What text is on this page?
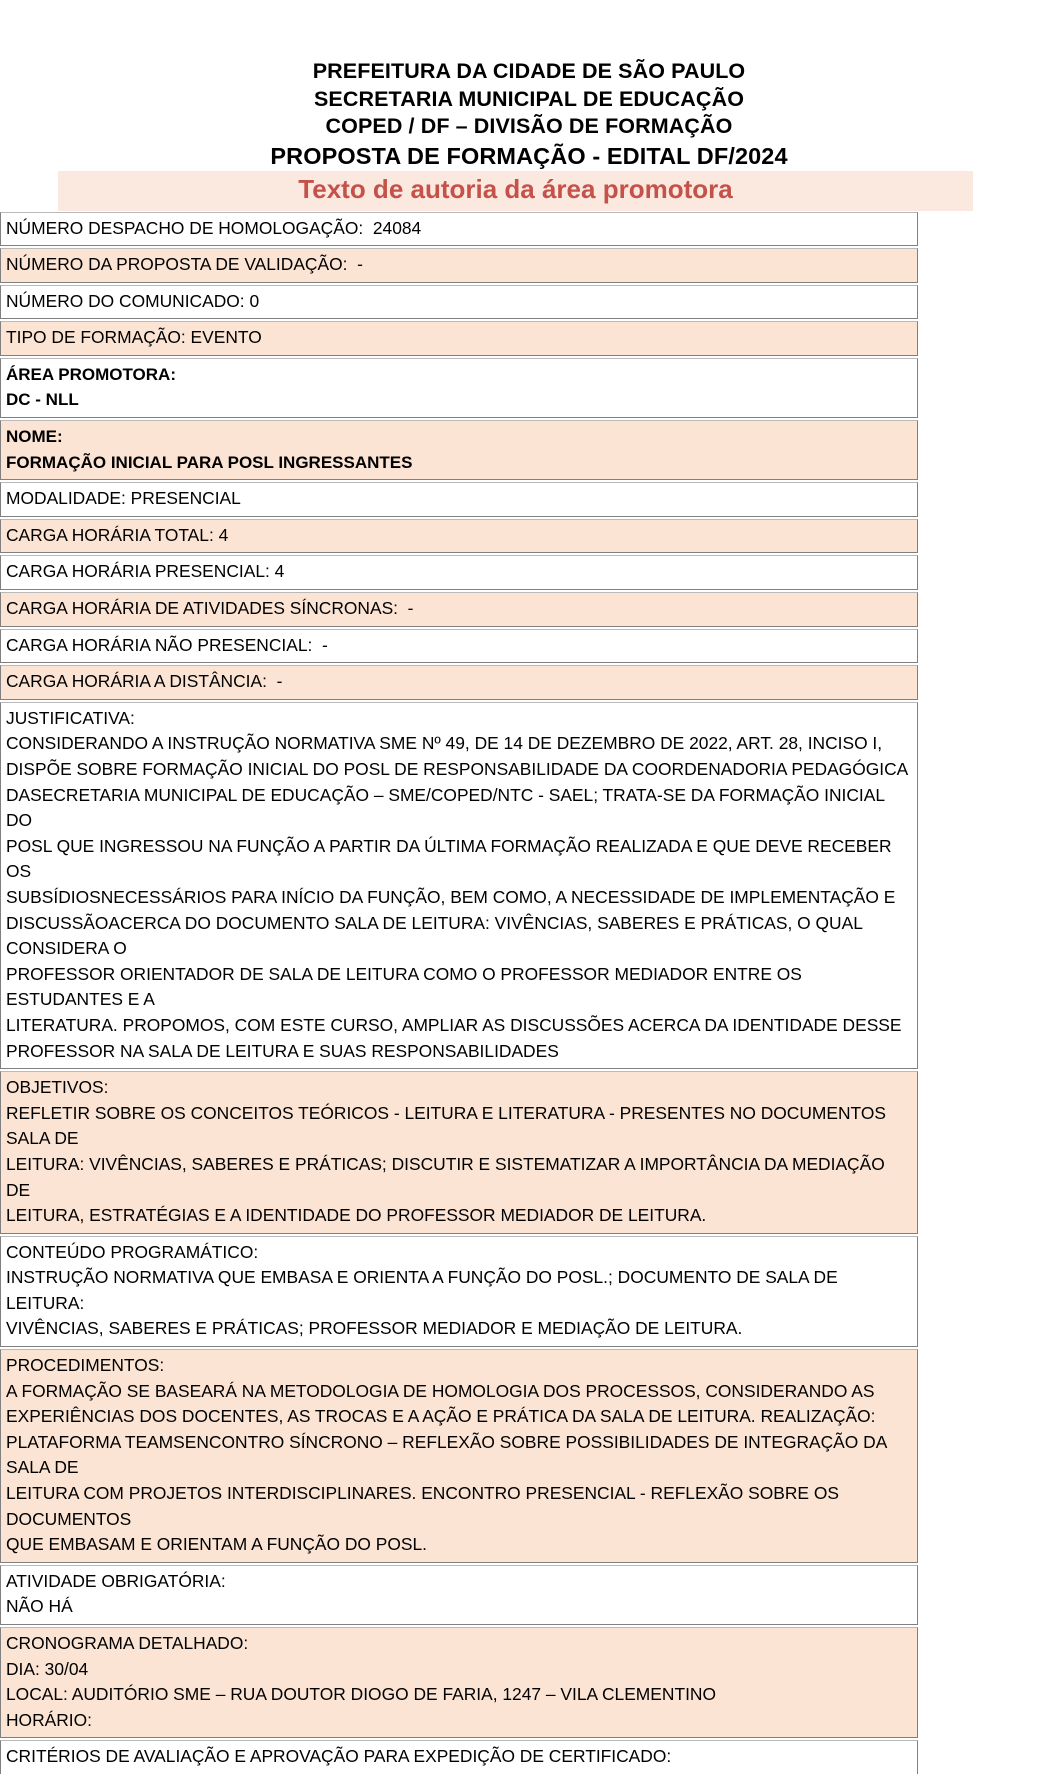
PREFEITURA DA CIDADE DE SÃO PAULO
SECRETARIA MUNICIPAL DE EDUCAÇÃO
COPED / DF – DIVISÃO DE FORMAÇÃO
PROPOSTA DE FORMAÇÃO - EDITAL DF/2024
Texto de autoria da área promotora
NÚMERO DESPACHO DE HOMOLOGAÇÃO:  24084
NÚMERO DA PROPOSTA DE VALIDAÇÃO:  -
NÚMERO DO COMUNICADO: 0
TIPO DE FORMAÇÃO: EVENTO
ÁREA PROMOTORA:
DC - NLL
NOME:
FORMAÇÃO INICIAL PARA POSL INGRESSANTES
MODALIDADE: PRESENCIAL
CARGA HORÁRIA TOTAL: 4
CARGA HORÁRIA PRESENCIAL: 4
CARGA HORÁRIA DE ATIVIDADES SÍNCRONAS:  -
CARGA HORÁRIA NÃO PRESENCIAL:  -
CARGA HORÁRIA A DISTÂNCIA:  -
JUSTIFICATIVA:
CONSIDERANDO A INSTRUÇÃO NORMATIVA SME Nº 49, DE 14 DE DEZEMBRO DE 2022, ART. 28, INCISO I,
DISPÕE SOBRE FORMAÇÃO INICIAL DO POSL DE RESPONSABILIDADE DA COORDENADORIA PEDAGÓGICA
DASECRETARIA MUNICIPAL DE EDUCAÇÃO – SME/COPED/NTC - SAEL; TRATA-SE DA FORMAÇÃO INICIAL DO
POSL QUE INGRESSOU NA FUNÇÃO A PARTIR DA ÚLTIMA FORMAÇÃO REALIZADA E QUE DEVE RECEBER OS
SUBSÍDIOSNECESSÁRIOS PARA INÍCIO DA FUNÇÃO, BEM COMO, A NECESSIDADE DE IMPLEMENTAÇÃO E
DISCUSSÃOACERCA DO DOCUMENTO SALA DE LEITURA: VIVÊNCIAS, SABERES E PRÁTICAS, O QUAL CONSIDERA O
PROFESSOR ORIENTADOR DE SALA DE LEITURA COMO O PROFESSOR MEDIADOR ENTRE OS ESTUDANTES E A
LITERATURA. PROPOMOS, COM ESTE CURSO, AMPLIAR AS DISCUSSÕES ACERCA DA IDENTIDADE DESSE
PROFESSOR NA SALA DE LEITURA E SUAS RESPONSABILIDADES
OBJETIVOS:
REFLETIR SOBRE OS CONCEITOS TEÓRICOS - LEITURA E LITERATURA - PRESENTES NO DOCUMENTOS SALA DE
LEITURA: VIVÊNCIAS, SABERES E PRÁTICAS; DISCUTIR E SISTEMATIZAR A IMPORTÂNCIA DA MEDIAÇÃO DE
LEITURA, ESTRATÉGIAS E A IDENTIDADE DO PROFESSOR MEDIADOR DE LEITURA.
CONTEÚDO PROGRAMÁTICO:
INSTRUÇÃO NORMATIVA QUE EMBASA E ORIENTA A FUNÇÃO DO POSL.; DOCUMENTO DE SALA DE LEITURA:
VIVÊNCIAS, SABERES E PRÁTICAS; PROFESSOR MEDIADOR E MEDIAÇÃO DE LEITURA.
PROCEDIMENTOS:
A FORMAÇÃO SE BASEARÁ NA METODOLOGIA DE HOMOLOGIA DOS PROCESSOS, CONSIDERANDO AS
EXPERIÊNCIAS DOS DOCENTES, AS TROCAS E A AÇÃO E PRÁTICA DA SALA DE LEITURA. REALIZAÇÃO:
PLATAFORMA TEAMSENCONTRO SÍNCRONO – REFLEXÃO SOBRE POSSIBILIDADES DE INTEGRAÇÃO DA SALA DE
LEITURA COM PROJETOS INTERDISCIPLINARES. ENCONTRO PRESENCIAL - REFLEXÃO SOBRE OS DOCUMENTOS
QUE EMBASAM E ORIENTAM A FUNÇÃO DO POSL.
ATIVIDADE OBRIGATÓRIA:
NÃO HÁ
CRONOGRAMA DETALHADO:
DIA: 30/04
LOCAL: AUDITÓRIO SME – RUA DOUTOR DIOGO DE FARIA, 1247 – VILA CLEMENTINO
HORÁRIO:
CRITÉRIOS DE AVALIAÇÃO E APROVAÇÃO PARA EXPEDIÇÃO DE CERTIFICADO:
